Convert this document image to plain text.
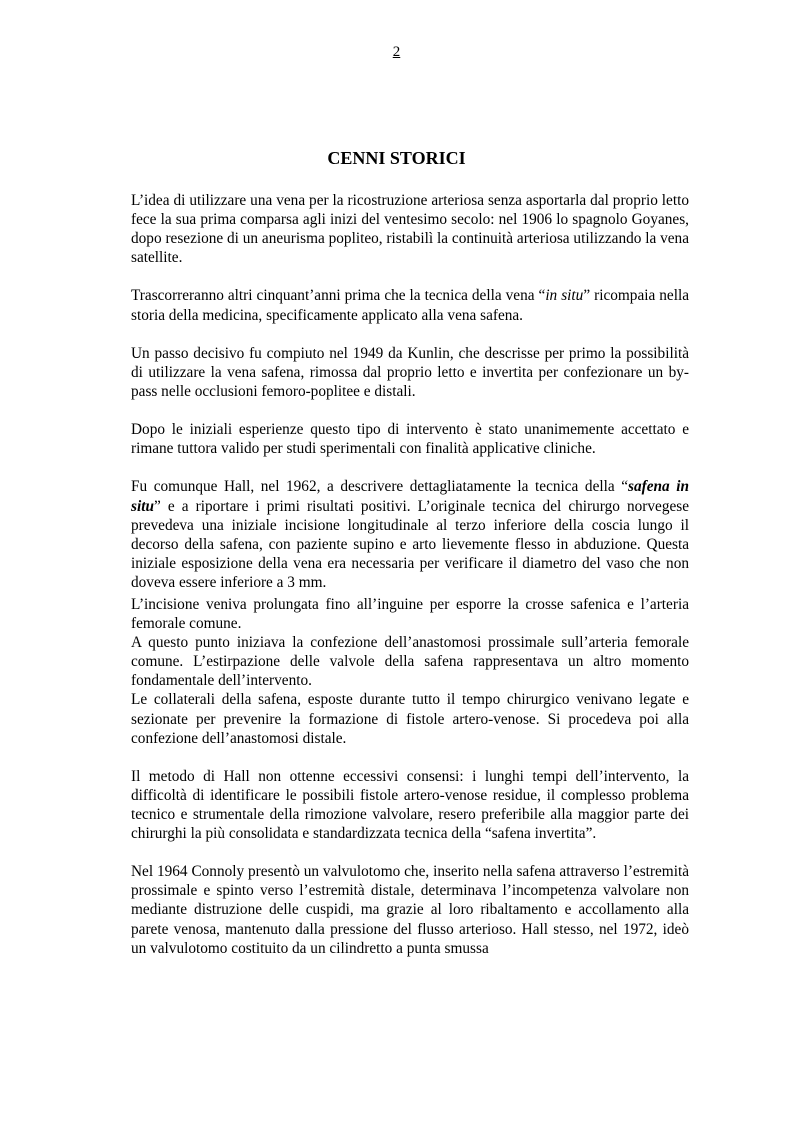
2
CENNI STORICI

L’idea di utilizzare una vena per la ricostruzione arteriosa senza asportarla dal proprio letto fece la sua prima comparsa agli inizi del ventesimo secolo: nel 1906 lo spagnolo Goyanes, dopo resezione di un aneurisma popliteo, ristabilì la continuità arteriosa utilizzando la vena satellite.

Trascorreranno altri cinquant’anni prima che la tecnica della vena “in situ” ricompaia nella storia della medicina, specificamente applicato alla vena safena.

Un passo decisivo fu compiuto nel 1949 da Kunlin, che descrisse per primo la possibilità di utilizzare la vena safena, rimossa dal proprio letto e invertita per confezionare un by-pass nelle occlusioni femoro-poplitee e distali.

Dopo le iniziali esperienze questo tipo di intervento è stato unanimemente accettato e rimane tuttora valido per studi sperimentali con finalità applicative cliniche.

Fu comunque Hall, nel 1962, a descrivere dettagliatamente la tecnica della “safena in situ” e a riportare i primi risultati positivi. L’originale tecnica del chirurgo norvegese prevedeva una iniziale incisione longitudinale al terzo inferiore della coscia lungo il decorso della safena, con paziente supino e arto lievemente flesso in abduzione. Questa iniziale esposizione della vena era necessaria per verificare il diametro del vaso che non doveva essere inferiore a 3 mm.

L’incisione veniva prolungata fino all’inguine per esporre la crosse safenica e l’arteria femorale comune.

A questo punto iniziava la confezione dell’anastomosi prossimale sull’arteria femorale comune. L’estirpazione delle valvole della safena rappresentava un altro momento fondamentale dell’intervento.

Le collaterali della safena, esposte durante tutto il tempo chirurgico venivano legate e sezionate per prevenire la formazione di fistole artero-venose. Si procedeva poi alla confezione dell’anastomosi distale.

Il metodo di Hall non ottenne eccessivi consensi: i lunghi tempi dell’intervento, la difficoltà di identificare le possibili fistole artero-venose residue, il complesso problema tecnico e strumentale della rimozione valvolare, resero preferibile alla maggior parte dei chirurghi la più consolidata e standardizzata tecnica della “safena invertita”.

Nel 1964 Connoly presentò un valvulotomo che, inserito nella safena attraverso l’estremità prossimale e spinto verso l’estremità distale, determinava l’incompetenza valvolare non mediante distruzione delle cuspidi, ma grazie al loro ribaltamento e accollamento alla parete venosa, mantenuto dalla pressione del flusso arterioso. Hall stesso, nel 1972, ideò un valvulotomo costituito da un cilindretto a punta smussa
